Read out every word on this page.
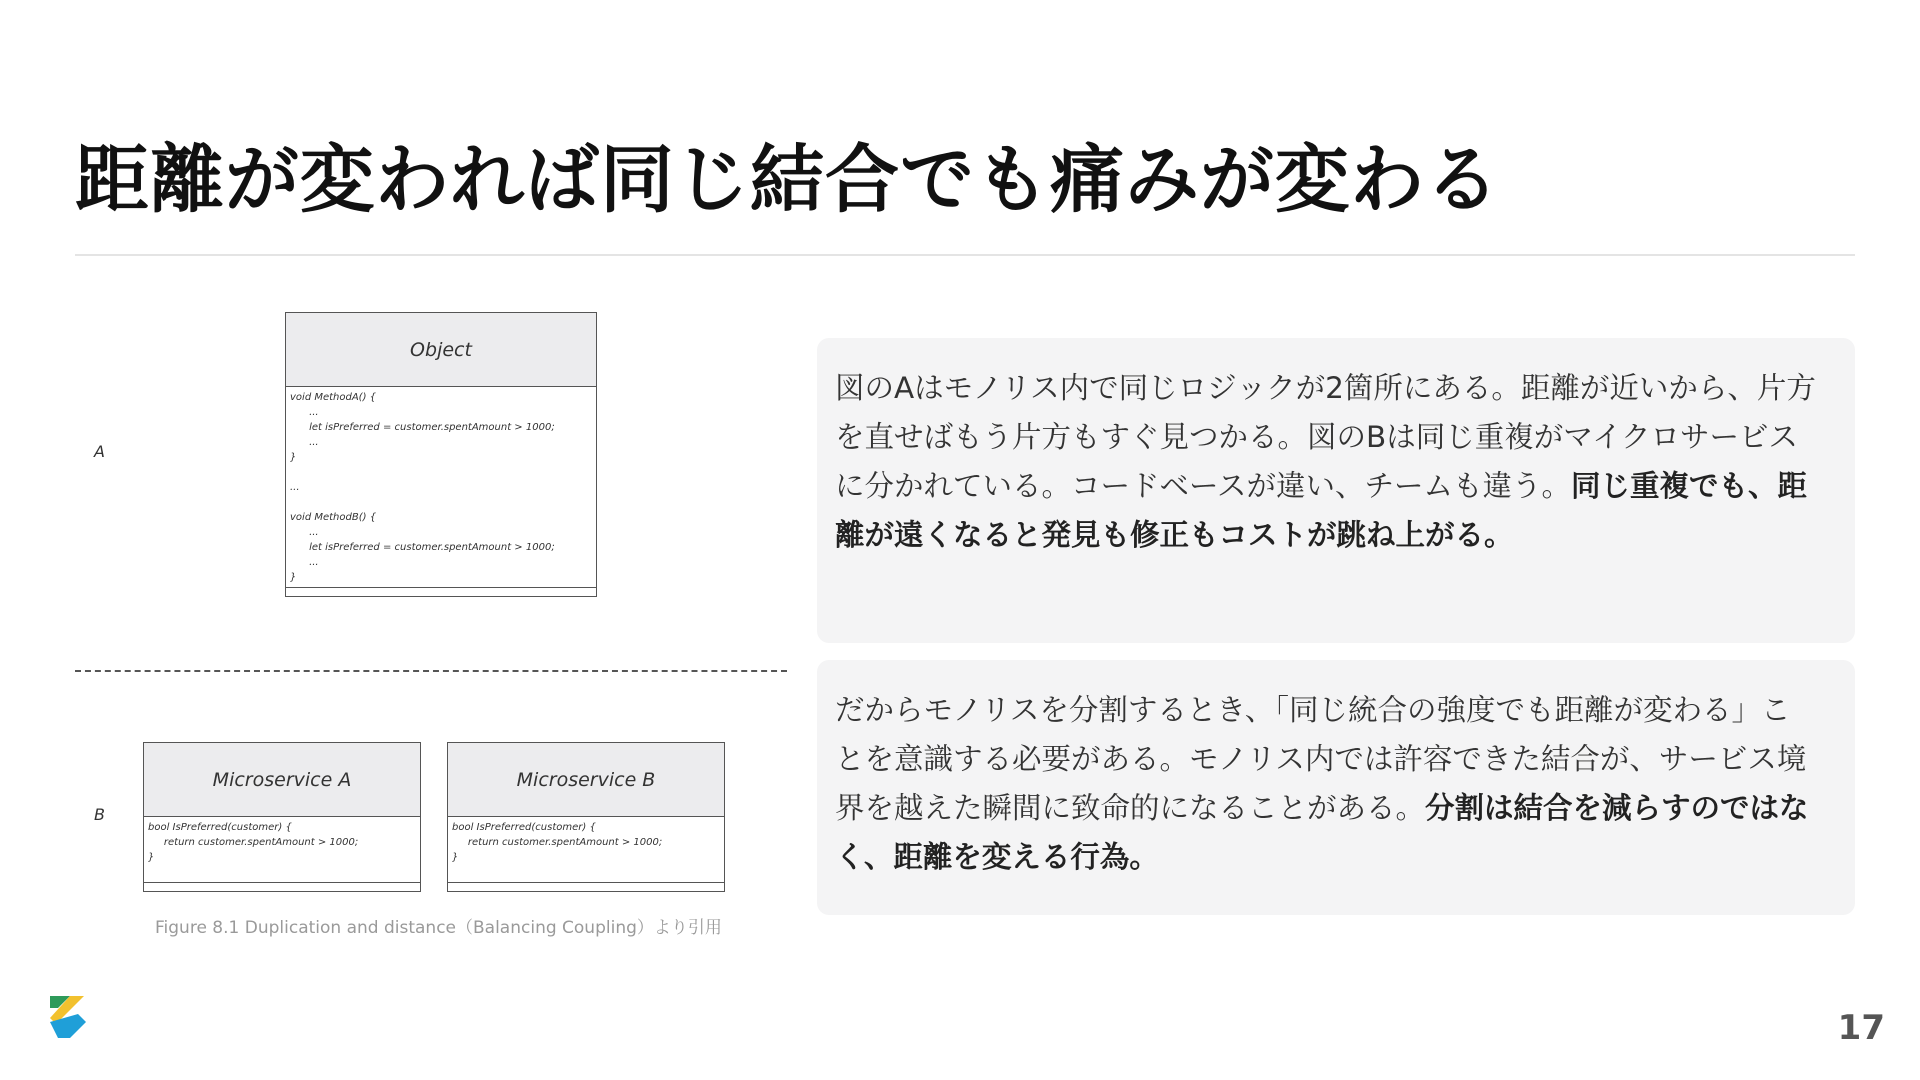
距離が変われば同じ結合でも痛みが変わる
A
Object
void MethodA() {
...
let isPreferred = customer.spentAmount > 1000;
...
}

...

void MethodB() {
...
let isPreferred = customer.spentAmount > 1000;
...
}
B
Microservice A
bool IsPreferred(customer) {
return customer.spentAmount > 1000;
}
Microservice B
bool IsPreferred(customer) {
return customer.spentAmount > 1000;
}
Figure 8.1 Duplication and distance（Balancing Coupling）より引用
図のAはモノリス内で同じロジックが2箇所にある。距離が近いから、片方を直せばもう片方もすぐ見つかる。図のBは同じ重複がマイクロサービスに分かれている。コードベースが違い、チームも違う。同じ重複でも、距離が遠くなると発見も修正もコストが跳ね上がる。
だからモノリスを分割するとき、「同じ統合の強度でも距離が変わる」ことを意識する必要がある。モノリス内では許容できた結合が、サービス境界を越えた瞬間に致命的になることがある。分割は結合を減らすのではなく、距離を変える行為。
17
